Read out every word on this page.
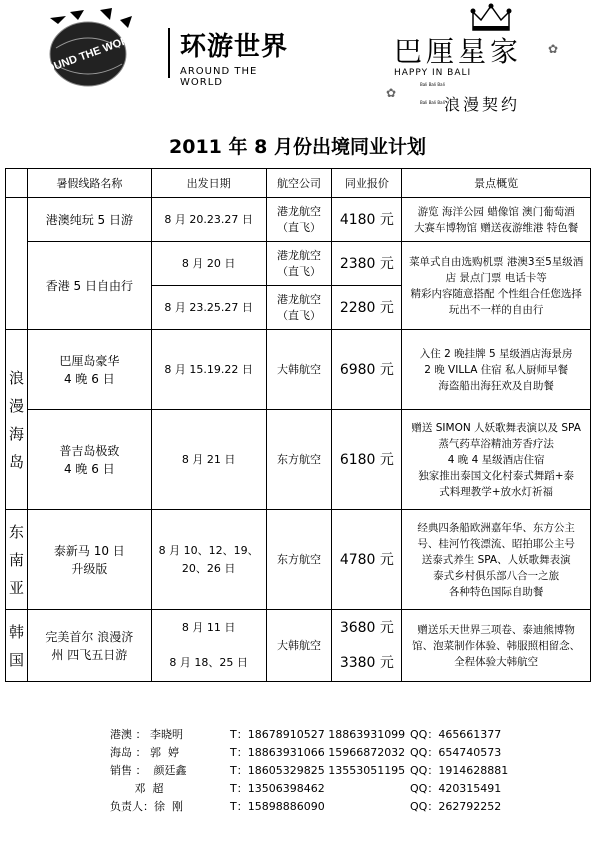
AROUND THE WORLD 环游世界
AROUND THE WORLD
巴厘星家 ✿
HAPPY IN BALI
Bali Bali Bali
✿
浪漫契约
Bali Bali Bali
2011 年 8 月份出境同业计划
	暑假线路名称	出发日期	航空公司	同业报价	景点概览
	港澳纯玩 5 日游	8 月 20.23.27 日	港龙航空
（直飞）	4180 元	游览 海洋公园 蜡像馆 澳门葡萄酒
大赛车博物馆 赠送夜游维港 特色餐
	香港 5 日自由行	8 月 20 日	港龙航空
（直飞）	2380 元	菜单式自由选购机票 港澳3至5星级酒
店 景点门票 电话卡等
精彩内容随意搭配 个性组合任您选择
玩出不一样的自由行
		8 月 23.25.27 日	港龙航空
（直飞）	2280 元	
浪
漫
海
岛	巴厘岛豪华
4 晚 6 日	8 月 15.19.22 日	大韩航空	6980 元	入住 2 晚挂牌 5 星级酒店海景房
2 晚 VILLA 住宿 私人厨师早餐
海盗船出海狂欢及自助餐
	普吉岛极致
4 晚 6 日	8 月 21 日	东方航空	6180 元	赠送 SIMON 人妖歌舞表演以及 SPA
蒸气药草浴精油芳香疗法
4 晚 4 星级酒店住宿
独家推出泰国文化村泰式舞蹈+泰
式料理教学+放水灯祈福
东
南
亚	泰新马 10 日
升级版	8 月 10、12、19、
20、26 日	东方航空	4780 元	经典四条船欧洲嘉年华、东方公主
号、桂河竹筏漂流、昭拍耶公主号
送泰式养生 SPA、人妖歌舞表演
泰式乡村俱乐部八合一之旅
各种特色国际自助餐
韩
国	完美首尔 浪漫济
州 四飞五日游	8 月 11 日	大韩航空	3680 元	赠送乐天世界三项卷、泰迪熊博物
馆、泡菜制作体验、韩服照相留念、
全程体验大韩航空
		8 月 18、25 日		3380 元	
港澳 ： 李晓明	T：18678910527 18863931099 QQ：465661377
海岛 ： 郭  婷	T：18863931066 15966872032 QQ：654740573
销售 ：  颜廷鑫	T：18605329825 13553051195 QQ：1914628881
邓  超	T：13506398462	QQ：420315491
负责人：徐  刚	T：15898886090	QQ：262792252
